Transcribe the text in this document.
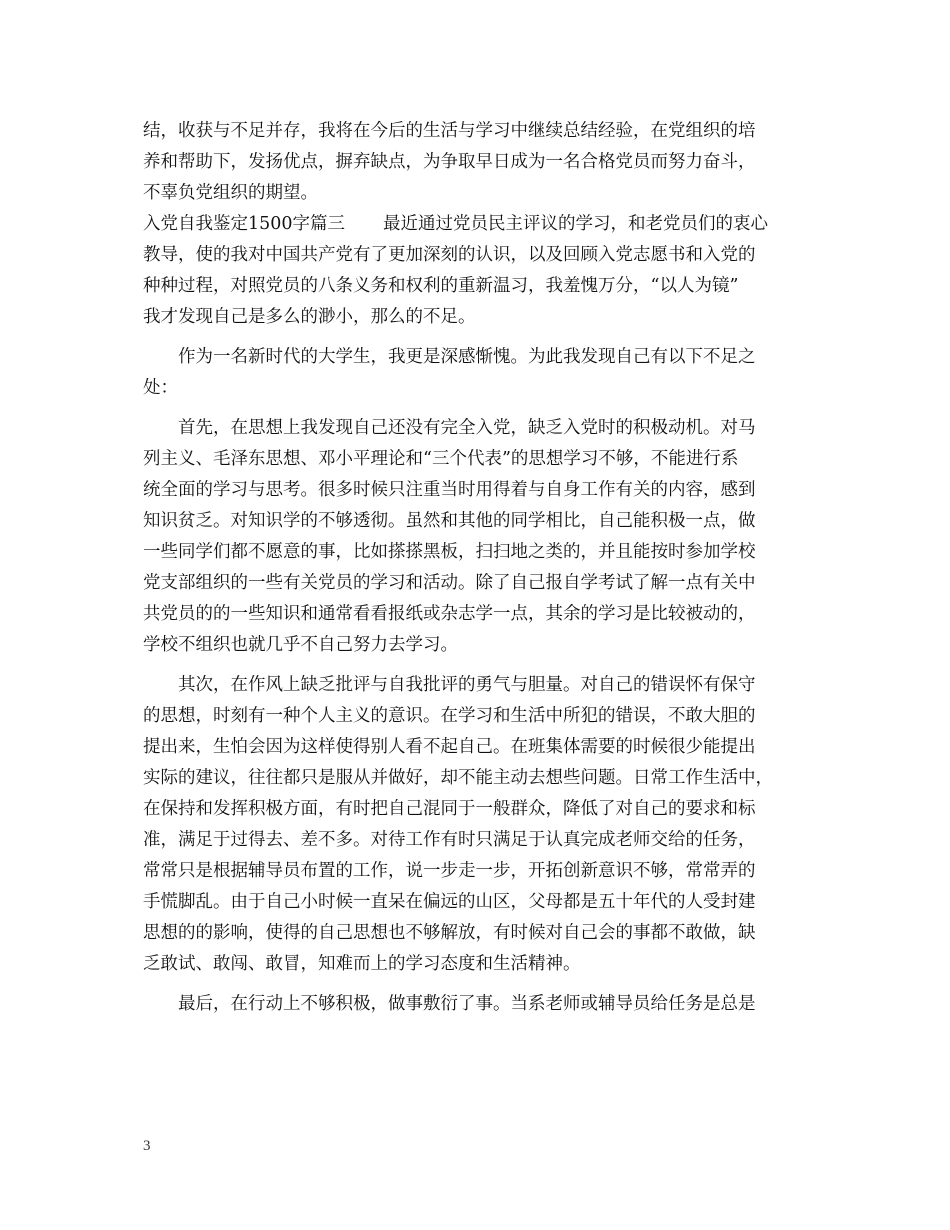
结，收获与不足并存，我将在今后的生活与学习中继续总结经验，在党组织的培
养和帮助下，发扬优点，摒弃缺点，为争取早日成为一名合格党员而努力奋斗，
不辜负党组织的期望。
入党自我鉴定1500字篇三 最近通过党员民主评议的学习，和老党员们的衷心
教导，使的我对中国共产党有了更加深刻的认识，以及回顾入党志愿书和入党的
种种过程，对照党员的八条义务和权利的重新温习，我羞愧万分，“以人为镜”
我才发现自己是多么的渺小，那么的不足。
作为一名新时代的大学生，我更是深感惭愧。为此我发现自己有以下不足之
处：
首先，在思想上我发现自己还没有完全入党，缺乏入党时的积极动机。对马
列主义、毛泽东思想、邓小平理论和“三个代表”的思想学习不够，不能进行系
统全面的学习与思考。很多时候只注重当时用得着与自身工作有关的内容，感到
知识贫乏。对知识学的不够透彻。虽然和其他的同学相比，自己能积极一点，做
一些同学们都不愿意的事，比如搽搽黑板，扫扫地之类的，并且能按时参加学校
党支部组织的一些有关党员的学习和活动。除了自己报自学考试了解一点有关中
共党员的的一些知识和通常看看报纸或杂志学一点，其余的学习是比较被动的，
学校不组织也就几乎不自己努力去学习。
其次，在作风上缺乏批评与自我批评的勇气与胆量。对自己的错误怀有保守
的思想，时刻有一种个人主义的意识。在学习和生活中所犯的错误，不敢大胆的
提出来，生怕会因为这样使得别人看不起自己。在班集体需要的时候很少能提出
实际的建议，往往都只是服从并做好，却不能主动去想些问题。日常工作生活中，
在保持和发挥积极方面，有时把自己混同于一般群众，降低了对自己的要求和标
准，满足于过得去、差不多。对待工作有时只满足于认真完成老师交给的任务，
常常只是根据辅导员布置的工作，说一步走一步，开拓创新意识不够，常常弄的
手慌脚乱。由于自己小时候一直呆在偏远的山区，父母都是五十年代的人受封建
思想的的影响，使得的自己思想也不够解放，有时候对自己会的事都不敢做，缺
乏敢试、敢闯、敢冒，知难而上的学习态度和生活精神。
最后，在行动上不够积极，做事敷衍了事。当系老师或辅导员给任务是总是
3
